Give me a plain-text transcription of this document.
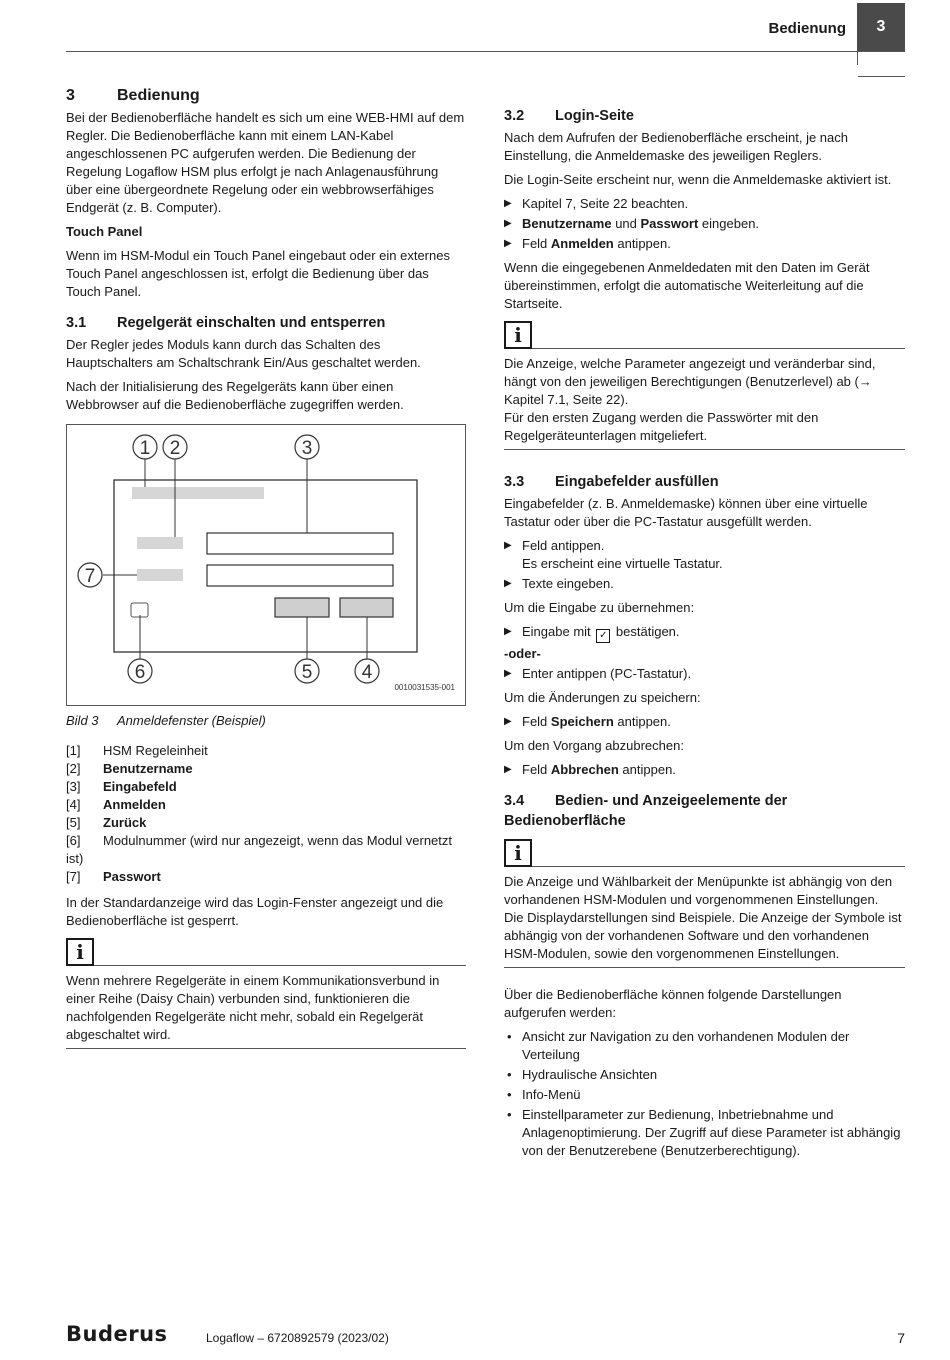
Bedienung	3
3	Bedienung

Bei der Bedienoberfläche handelt es sich um eine WEB-HMI auf dem Regler. Die Bedienoberfläche kann mit einem LAN-Kabel angeschlossenen PC aufgerufen werden. Die Bedienung der Regelung Logaflow HSM plus erfolgt je nach Anlagenausführung über eine übergeordnete Regelung oder ein webbrowserfähiges Endgerät (z. B. Computer).

Touch Panel

Wenn im HSM-Modul ein Touch Panel eingebaut oder ein externes Touch Panel angeschlossen ist, erfolgt die Bedienung über das Touch Panel.

3.1 Regelgerät einschalten und entsperren

Der Regler jedes Moduls kann durch das Schalten des Hauptschalters am Schaltschrank Ein/Aus geschaltet werden.

Nach der Initialisierung des Regelgeräts kann über einen Webbrowser auf die Bedienoberfläche zugegriffen werden.

1 2	3
7
6	5	4
0010031535-001
Bild 3 Anmeldefenster (Beispiel)
[1] HSM Regeleinheit
[2] Benutzername
[3] Eingabefeld
[4] Anmelden
[5] Zurück
[6] Modulnummer (wird nur angezeigt, wenn das Modul vernetzt ist)
[7] Passwort

In der Standardanzeige wird das Login-Fenster angezeigt und die Bedienoberfläche ist gesperrt.

i
Wenn mehrere Regelgeräte in einem Kommunikationsverbund in einer Reihe (Daisy Chain) verbunden sind, funktionieren die nachfolgenden Regelgeräte nicht mehr, sobald ein Regelgerät abgeschaltet wird.
3.2 Login-Seite

Nach dem Aufrufen der Bedienoberfläche erscheint, je nach Einstellung, die Anmeldemaske des jeweiligen Reglers.

Die Login-Seite erscheint nur, wenn die Anmeldemaske aktiviert ist.

▶ Kapitel 7, Seite 22 beachten.
▶ Benutzername und Passwort eingeben.
▶ Feld Anmelden antippen.

Wenn die eingegebenen Anmeldedaten mit den Daten im Gerät übereinstimmen, erfolgt die automatische Weiterleitung auf die Startseite.

i
Die Anzeige, welche Parameter angezeigt und veränderbar sind, hängt von den jeweiligen Berechtigungen (Benutzerlevel) ab (→ Kapitel 7.1, Seite 22).
Für den ersten Zugang werden die Passwörter mit den Regelgeräteunterlagen mitgeliefert.
3.3 Eingabefelder ausfüllen

Eingabefelder (z. B. Anmeldemaske) können über eine virtuelle Tastatur oder über die PC-Tastatur ausgefüllt werden.

▶ Feld antippen.
Es erscheint eine virtuelle Tastatur.
▶ Texte eingeben.

Um die Eingabe zu übernehmen:

▶ Eingabe mit ✓ bestätigen.
-oder-
▶ Enter antippen (PC-Tastatur).

Um die Änderungen zu speichern:

▶ Feld Speichern antippen.

Um den Vorgang abzubrechen:

▶ Feld Abbrechen antippen.
3.4 Bedien- und Anzeigeelemente der Bedienoberfläche
i
Die Anzeige und Wählbarkeit der Menüpunkte ist abhängig von den vorhandenen HSM-Modulen und vorgenommenen Einstellungen.
Die Displaydarstellungen sind Beispiele. Die Anzeige der Symbole ist abhängig von der vorhandenen Software und den vorhandenen HSM-Modulen, sowie den vorgenommenen Einstellungen.

Über die Bedienoberfläche können folgende Darstellungen aufgerufen werden:

• Ansicht zur Navigation zu den vorhandenen Modulen der Verteilung
• Hydraulische Ansichten
• Info-Menü
• Einstellparameter zur Bedienung, Inbetriebnahme und Anlagenoptimierung. Der Zugriff auf diese Parameter ist abhängig von der Benutzerebene (Benutzerberechtigung).
Buderus	Logaflow – 6720892579 (2023/02)	7
